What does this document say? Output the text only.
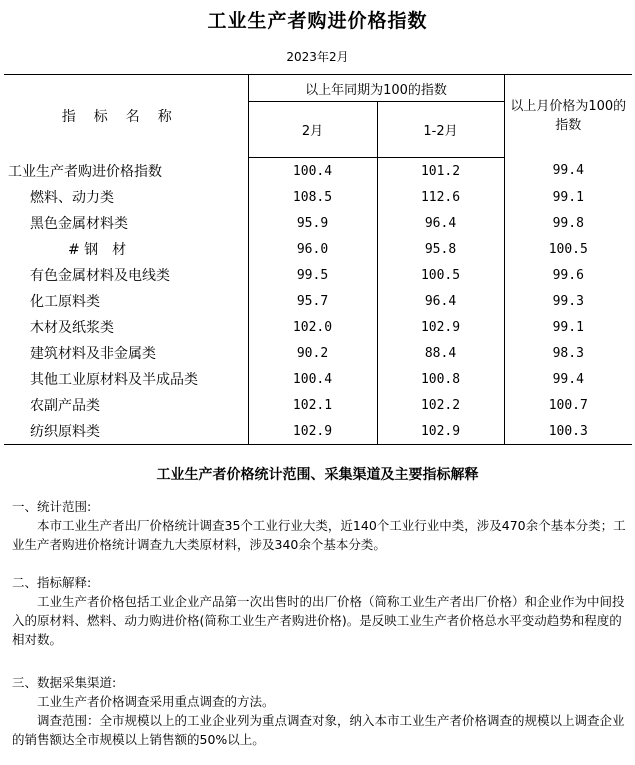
工业生产者购进价格指数
2023年2月
指标名称	以上年同期为100的指数		以上月价格为100的指数
	2月	1-2月	
工业生产者购进价格指数	100.4	101.2	99.4
燃料、动力类	108.5	112.6	99.1
黑色金属材料类	95.9	96.4	99.8
# 钢　材	96.0	95.8	100.5
有色金属材料及电线类	99.5	100.5	99.6
化工原料类	95.7	96.4	99.3
木材及纸浆类	102.0	102.9	99.1
建筑材料及非金属类	90.2	88.4	98.3
其他工业原材料及半成品类	100.4	100.8	99.4
农副产品类	102.1	102.2	100.7
纺织原料类	102.9	102.9	100.3
工业生产者价格统计范围、采集渠道及主要指标解释

一、统计范围:

本市工业生产者出厂价格统计调查35个工业行业大类，近140个工业行业中类，涉及470余个基本分类；工业生产者购进价格统计调查九大类原材料，涉及340余个基本分类。

二、指标解释:

工业生产者价格包括工业企业产品第一次出售时的出厂价格（简称工业生产者出厂价格）和企业作为中间投入的原材料、燃料、动力购进价格(简称工业生产者购进价格)。是反映工业生产者价格总水平变动趋势和程度的相对数。

三、数据采集渠道:

工业生产者价格调查采用重点调查的方法。

调查范围：全市规模以上的工业企业列为重点调查对象，纳入本市工业生产者价格调查的规模以上调查企业的销售额达全市规模以上销售额的50%以上。
